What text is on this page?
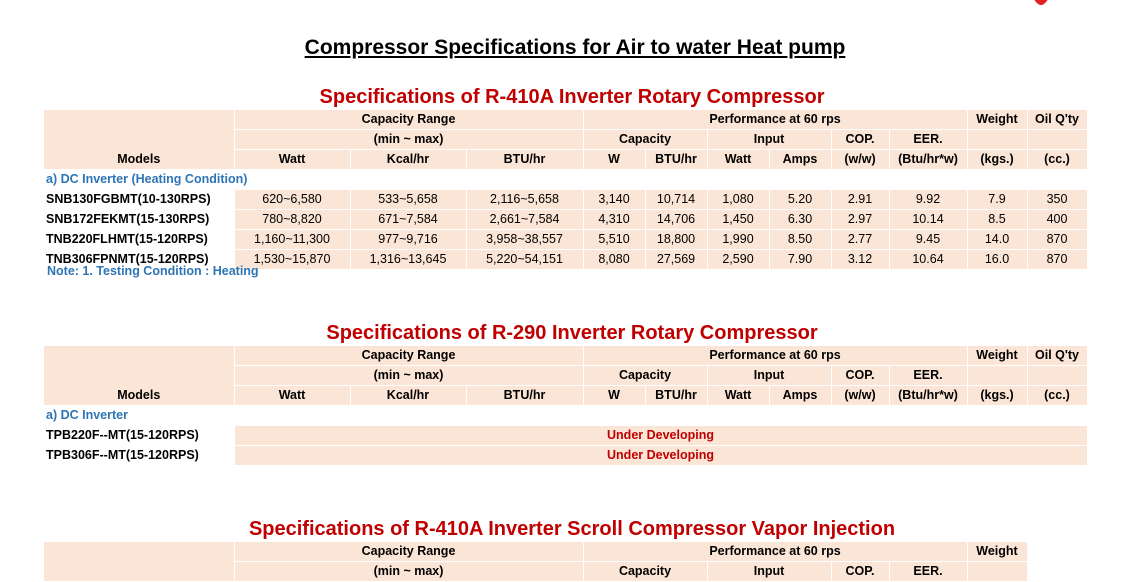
Compressor Specifications for Air to water Heat pump
Specifications of R-410A Inverter Rotary Compressor
Models	Capacity Range			Performance at 60 rps						Weight	Oil Q'ty
	(min ~ max)			Capacity		Input		COP.	EER.		
	Watt	Kcal/hr	BTU/hr	W	BTU/hr	Watt	Amps	(w/w)	(Btu/hr*w)	(kgs.)	(cc.)
a) DC Inverter (Heating Condition)											
SNB130FGBMT(10-130RPS)	620~6,580	533~5,658	2,116~5,658	3,140	10,714	1,080	5.20	2.91	9.92	7.9	350
SNB172FEKMT(15-130RPS)	780~8,820	671~7,584	2,661~7,584	4,310	14,706	1,450	6.30	2.97	10.14	8.5	400
TNB220FLHMT(15-120RPS)	1,160~11,300	977~9,716	3,958~38,557	5,510	18,800	1,990	8.50	2.77	9.45	14.0	870
TNB306FPNMT(15-120RPS)	1,530~15,870	1,316~13,645	5,220~54,151	8,080	27,569	2,590	7.90	3.12	10.64	16.0	870
Note: 1. Testing Condition : Heating
Specifications of R-290 Inverter Rotary Compressor
Models	Capacity Range			Performance at 60 rps						Weight	Oil Q'ty
	(min ~ max)			Capacity		Input		COP.	EER.		
	Watt	Kcal/hr	BTU/hr	W	BTU/hr	Watt	Amps	(w/w)	(Btu/hr*w)	(kgs.)	(cc.)
a) DC Inverter											
TPB220F--MT(15-120RPS)	Under Developing										
TPB306F--MT(15-120RPS)	Under Developing										
Specifications of R-410A Inverter Scroll Compressor Vapor Injection
	Capacity Range	Performance at 60 rps				Weight	
	(min ~ max)	Capacity	Input	COP.	EER.		
